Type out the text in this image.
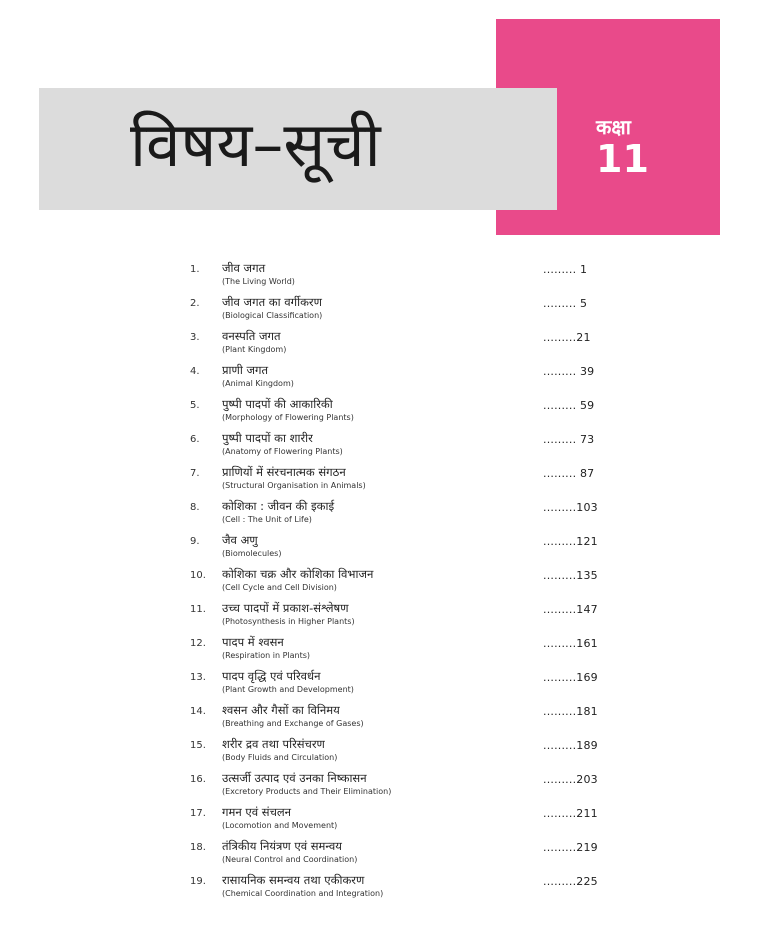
कक्षा
11
विषय–सूची
1. जीव जगत
(The Living World)
......... 1
2. जीव जगत का वर्गीकरण
(Biological Classification)
......... 5
3. वनस्पति जगत
(Plant Kingdom)
.........21
4. प्राणी जगत
(Animal Kingdom)
......... 39
5. पुष्पी पादपों की आकारिकी
(Morphology of Flowering Plants)
......... 59
6. पुष्पी पादपों का शारीर
(Anatomy of Flowering Plants)
......... 73
7. प्राणियों में संरचनात्मक संगठन
(Structural Organisation in Animals)
......... 87
8. कोशिका : जीवन की इकाई
(Cell : The Unit of Life)
.........103
9. जैव अणु
(Biomolecules)
.........121
10. कोशिका चक्र और कोशिका विभाजन
(Cell Cycle and Cell Division)
.........135
11. उच्च पादपों में प्रकाश-संश्लेषण
(Photosynthesis in Higher Plants)
.........147
12. पादप में श्वसन
(Respiration in Plants)
.........161
13. पादप वृद्धि एवं परिवर्धन
(Plant Growth and Development)
.........169
14. श्वसन और गैसों का विनिमय
(Breathing and Exchange of Gases)
.........181
15. शरीर द्रव तथा परिसंचरण
(Body Fluids and Circulation)
.........189
16. उत्सर्जी उत्पाद एवं उनका निष्कासन
(Excretory Products and Their Elimination)
.........203
17. गमन एवं संचलन
(Locomotion and Movement)
.........211
18. तंत्रिकीय नियंत्रण एवं समन्वय
(Neural Control and Coordination)
.........219
19. रासायनिक समन्वय तथा एकीकरण
(Chemical Coordination and Integration)
.........225
